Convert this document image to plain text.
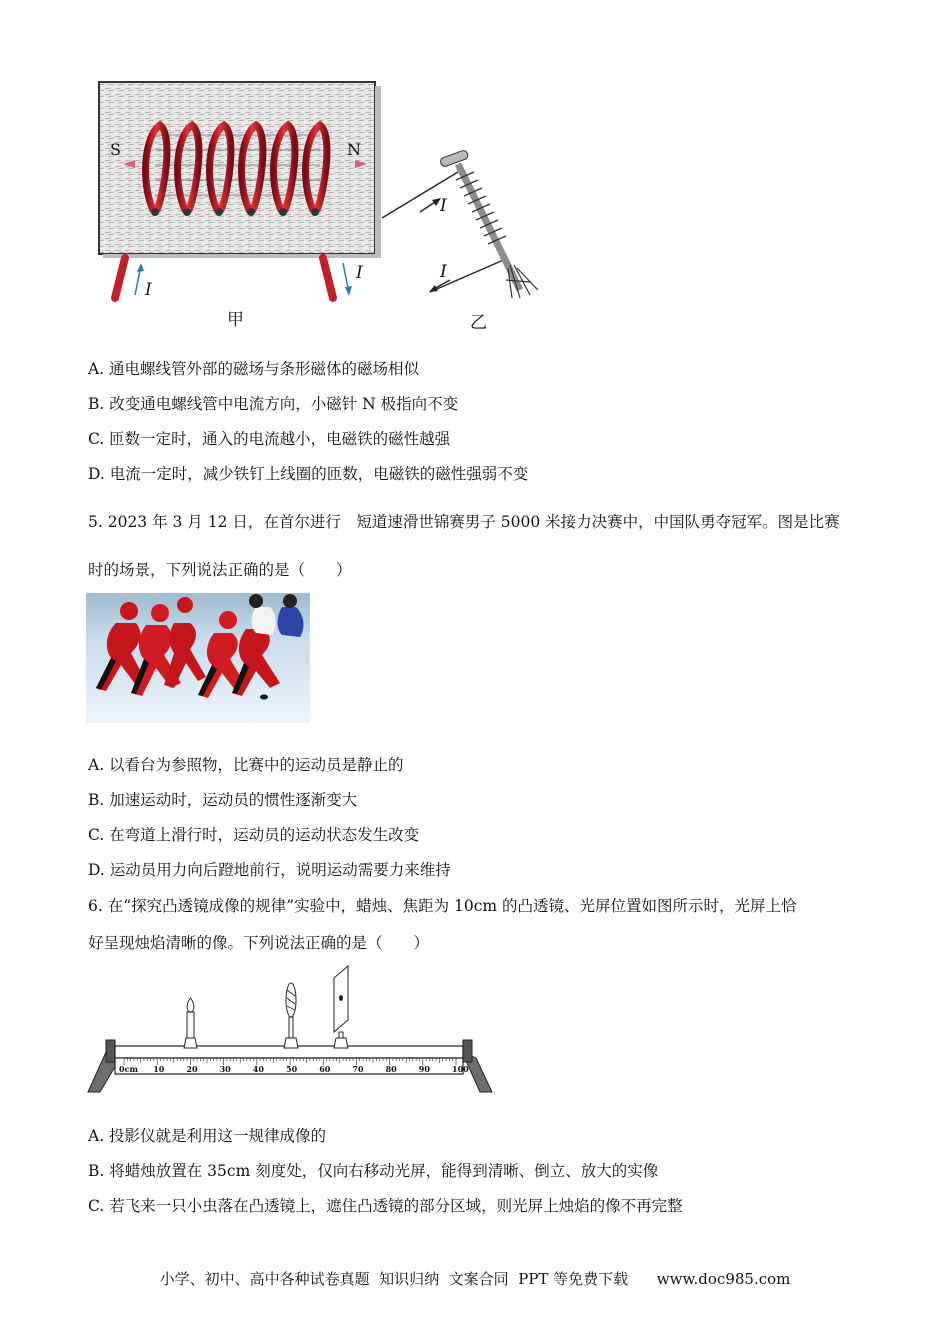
S	N
I
I
甲
I
I
乙
A. 通电螺线管外部的磁场与条形磁体的磁场相似
B. 改变通电螺线管中电流方向，小磁针 N 极指向不变
C. 匝数一定时，通入的电流越小，电磁铁的磁性越强
D. 电流一定时，减少铁钉上线圈的匝数，电磁铁的磁性强弱不变
5. 2023 年 3 月 12 日，在首尔进行　短道速滑世锦赛男子 5000 米接力决赛中，中国队勇夺冠军。图是比赛
时的场景，下列说法正确的是（　　）
A. 以看台为参照物，比赛中的运动员是静止的
B. 加速运动时，运动员的惯性逐渐变大
C. 在弯道上滑行时，运动员的运动状态发生改变
D. 运动员用力向后蹬地前行，说明运动需要力来维持
6. 在“探究凸透镜成像的规律”实验中，蜡烛、焦距为 10cm 的凸透镜、光屏位置如图所示时，光屏上恰
好呈现烛焰清晰的像。下列说法正确的是（　　）
0cm 10	20	30	40	50	60	70	80	90	100
A. 投影仪就是利用这一规律成像的
B. 将蜡烛放置在 35cm 刻度处，仅向右移动光屏，能得到清晰、倒立、放大的实像
C. 若飞来一只小虫落在凸透镜上，遮住凸透镜的部分区域，则光屏上烛焰的像不再完整
小学、初中、高中各种试卷真题  知识归纳  文案合同  PPT 等免费下载      www.doc985.com
